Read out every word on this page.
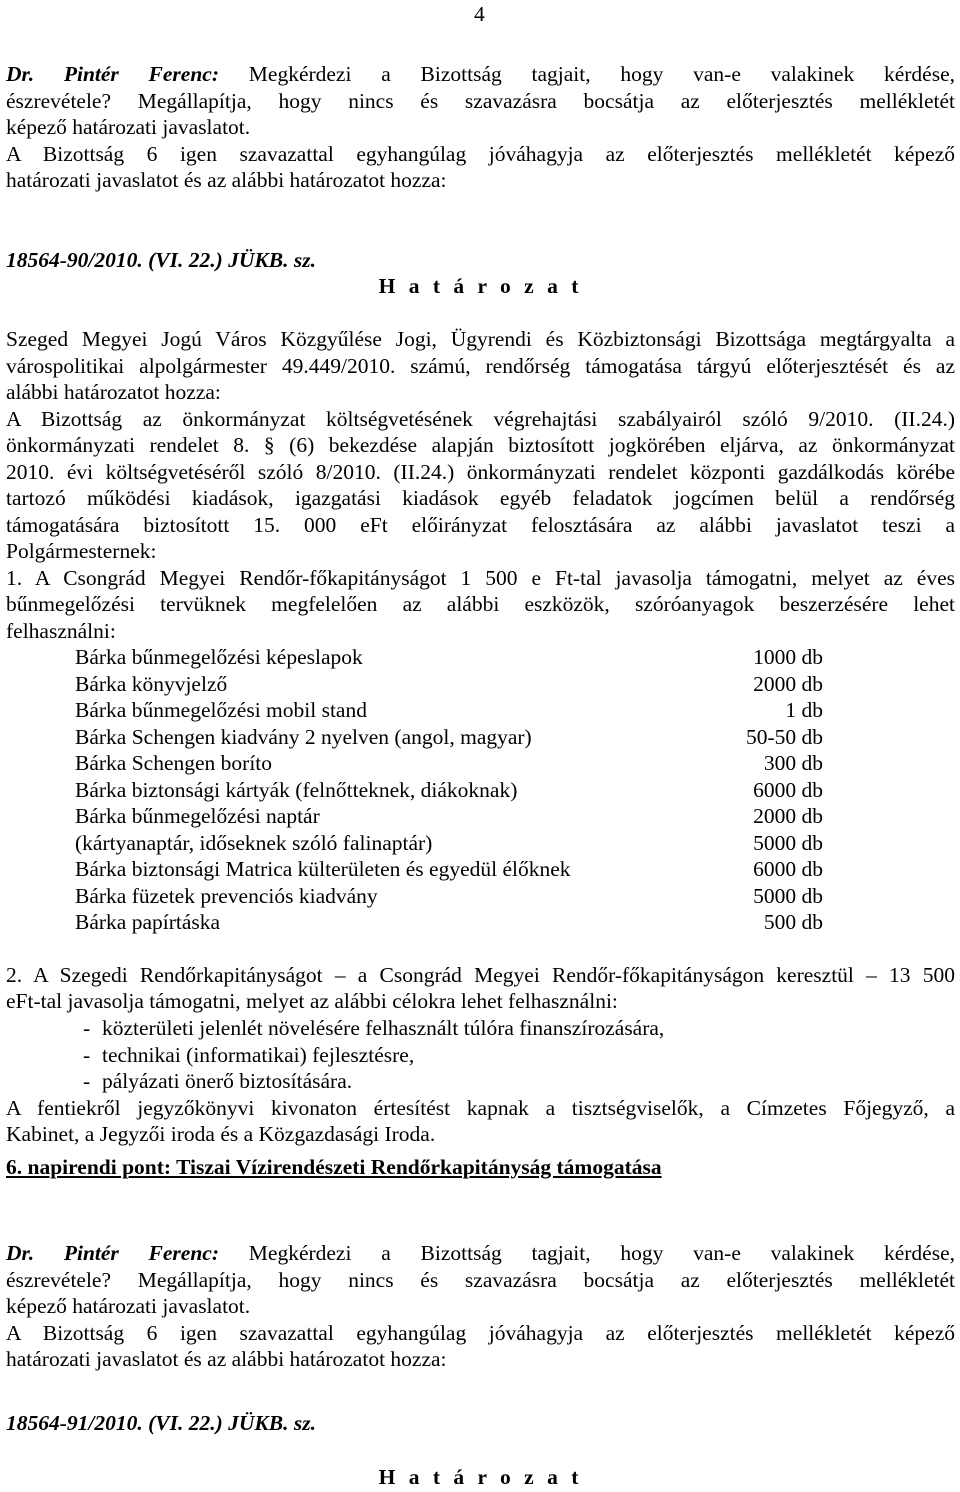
4
Dr. Pintér Ferenc: Megkérdezi a Bizottság tagjait, hogy van-e valakinek kérdése,
észrevétele? Megállapítja, hogy nincs és szavazásra bocsátja az előterjesztés mellékletét
képező határozati javaslatot.
A Bizottság 6 igen szavazattal egyhangúlag jóváhagyja az előterjesztés mellékletét képező
határozati javaslatot és az alábbi határozatot hozza:
18564-90/2010. (VI. 22.) JÜKB. sz.
H a t á r o z a t
Szeged Megyei Jogú Város Közgyűlése Jogi, Ügyrendi és Közbiztonsági Bizottsága megtárgyalta a
várospolitikai alpolgármester 49.449/2010. számú, rendőrség támogatása tárgyú előterjesztését és az
alábbi határozatot hozza:
A Bizottság az önkormányzat költségvetésének végrehajtási szabályairól szóló 9/2010. (II.24.)
önkormányzati rendelet 8. § (6) bekezdése alapján biztosított jogkörében eljárva, az önkormányzat
2010. évi költségvetéséről szóló 8/2010. (II.24.) önkormányzati rendelet központi gazdálkodás körébe
tartozó működési kiadások, igazgatási kiadások egyéb feladatok jogcímen belül a rendőrség
támogatására biztosított 15. 000 eFt előirányzat felosztására az alábbi javaslatot teszi a
Polgármesternek:
1. A Csongrád Megyei Rendőr-főkapitányságot 1 500 e Ft-tal javasolja támogatni, melyet az éves
bűnmegelőzési tervüknek megfelelően az alábbi eszközök, szóróanyagok beszerzésére lehet
felhasználni:
Bárka bűnmegelőzési képeslapok	1000 db
Bárka könyvjelző	2000 db
Bárka bűnmegelőzési mobil stand	1 db
Bárka Schengen kiadvány 2 nyelven (angol, magyar)	50-50 db
Bárka Schengen boríto	300 db
Bárka biztonsági kártyák (felnőtteknek, diákoknak)	6000 db
Bárka bűnmegelőzési naptár	2000 db
(kártyanaptár, időseknek szóló falinaptár)	5000 db
Bárka biztonsági Matrica külterületen és egyedül élőknek	6000 db
Bárka füzetek prevenciós kiadvány	5000 db
Bárka papírtáska	500 db
2. A Szegedi Rendőrkapitányságot – a Csongrád Megyei Rendőr-főkapitányságon keresztül – 13 500
eFt-tal javasolja támogatni, melyet az alábbi célokra lehet felhasználni:
- közterületi jelenlét növelésére felhasznált túlóra finanszírozására,
- technikai (informatikai) fejlesztésre,
- pályázati önerő biztosítására.
A fentiekről jegyzőkönyvi kivonaton értesítést kapnak a tisztségviselők, a Címzetes Főjegyző, a
Kabinet, a Jegyzői iroda és a Közgazdasági Iroda.
6. napirendi pont: Tiszai Vízirendészeti Rendőrkapitányság támogatása
Dr. Pintér Ferenc: Megkérdezi a Bizottság tagjait, hogy van-e valakinek kérdése,
észrevétele? Megállapítja, hogy nincs és szavazásra bocsátja az előterjesztés mellékletét
képező határozati javaslatot.
A Bizottság 6 igen szavazattal egyhangúlag jóváhagyja az előterjesztés mellékletét képező
határozati javaslatot és az alábbi határozatot hozza:
18564-91/2010. (VI. 22.) JÜKB. sz.
H a t á r o z a t
